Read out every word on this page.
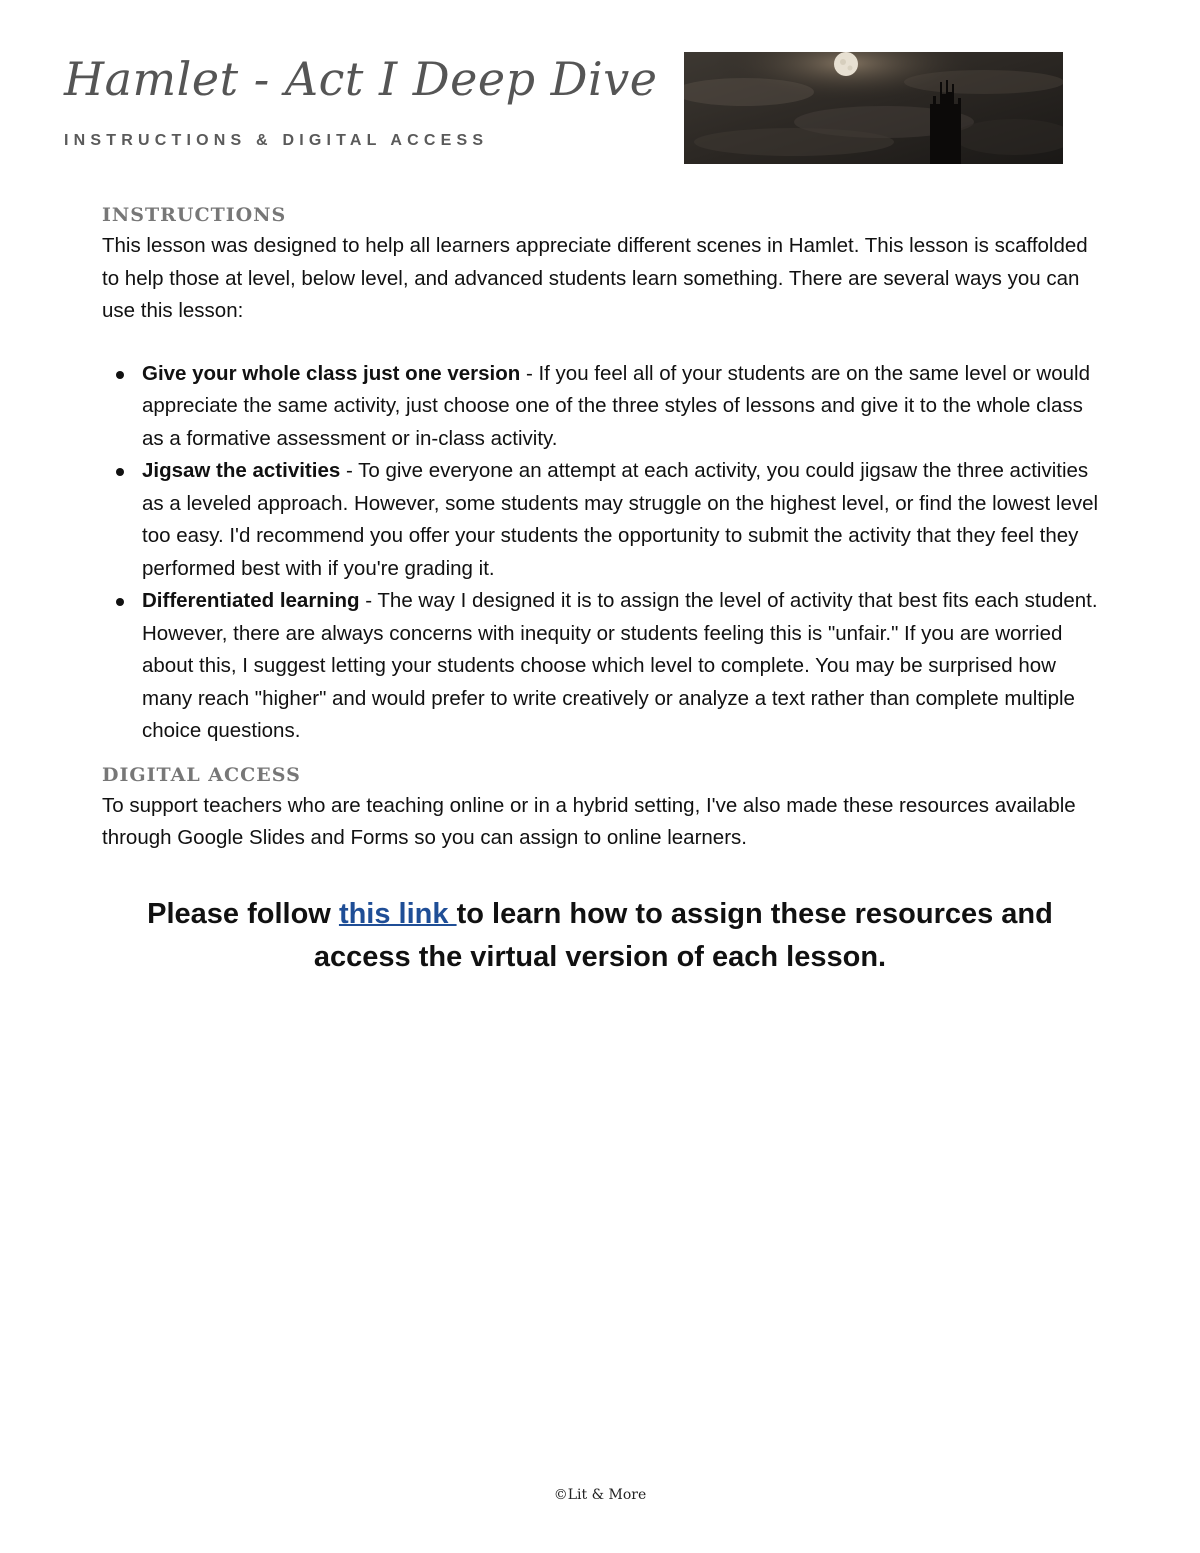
Hamlet - Act I Deep Dive
INSTRUCTIONS & DIGITAL ACCESS
INSTRUCTIONS

This lesson was designed to help all learners appreciate different scenes in Hamlet. This lesson is scaffolded to help those at level, below level, and advanced students learn something. There are several ways you can use this lesson:

Give your whole class just one version - If you feel all of your students are on the same level or would appreciate the same activity, just choose one of the three styles of lessons and give it to the whole class as a formative assessment or in-class activity.
Jigsaw the activities - To give everyone an attempt at each activity, you could jigsaw the three activities as a leveled approach. However, some students may struggle on the highest level, or find the lowest level too easy. I'd recommend you offer your students the opportunity to submit the activity that they feel they performed best with if you're grading it.
Differentiated learning - The way I designed it is to assign the level of activity that best fits each student. However, there are always concerns with inequity or students feeling this is "unfair." If you are worried about this, I suggest letting your students choose which level to complete. You may be surprised how many reach "higher" and would prefer to write creatively or analyze a text rather than complete multiple choice questions.
DIGITAL ACCESS

To support teachers who are teaching online or in a hybrid setting, I've also made these resources available through Google Slides and Forms so you can assign to online learners.

Please follow this link to learn how to assign these resources and access the virtual version of each lesson.
©Lit & More
